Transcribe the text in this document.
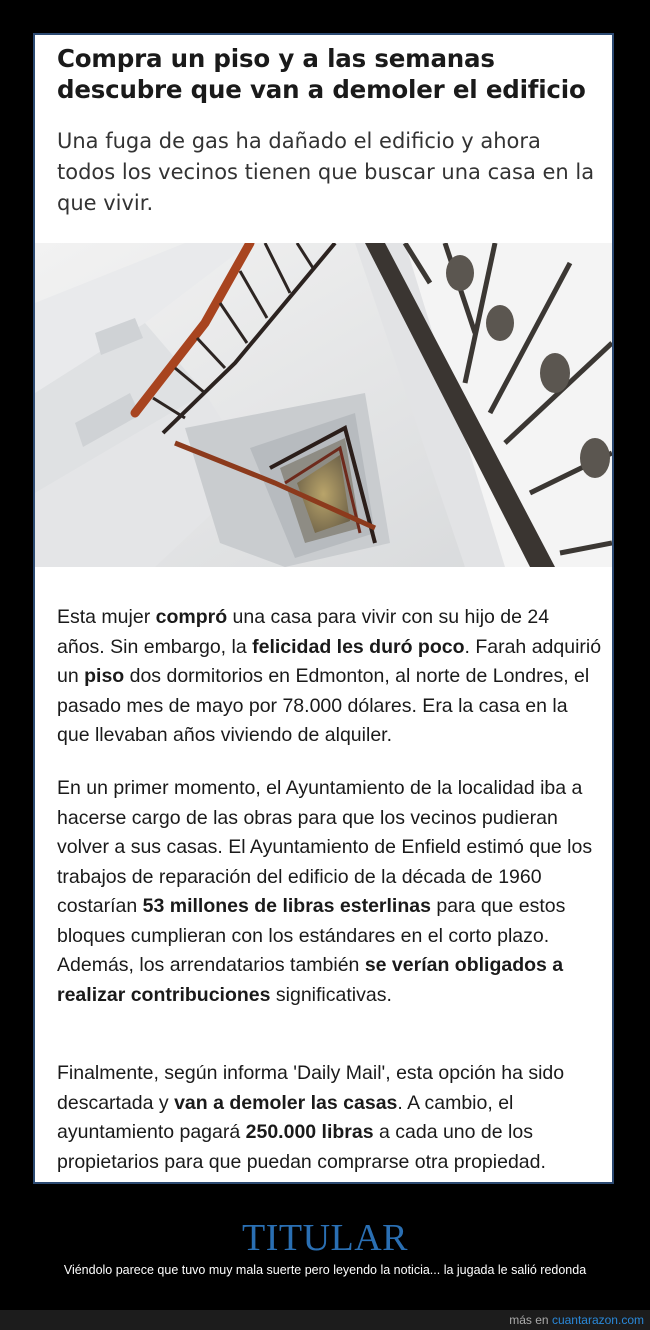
Compra un piso y a las semanas descubre que van a demoler el edificio

Una fuga de gas ha dañado el edificio y ahora todos los vecinos tienen que buscar una casa en la que vivir.

Esta mujer compró una casa para vivir con su hijo de 24 años. Sin embargo, la felicidad les duró poco. Farah adquirió un piso dos dormitorios en Edmonton, al norte de Londres, el pasado mes de mayo por 78.000 dólares. Era la casa en la que llevaban años viviendo de alquiler.

En un primer momento, el Ayuntamiento de la localidad iba a hacerse cargo de las obras para que los vecinos pudieran volver a sus casas. El Ayuntamiento de Enfield estimó que los trabajos de reparación del edificio de la década de 1960 costarían 53 millones de libras esterlinas para que estos bloques cumplieran con los estándares en el corto plazo. Además, los arrendatarios también se verían obligados a realizar contribuciones significativas.

Finalmente, según informa 'Daily Mail', esta opción ha sido descartada y van a demoler las casas. A cambio, el ayuntamiento pagará 250.000 libras a cada uno de los propietarios para que puedan comprarse otra propiedad.

TITULAR
Viéndolo parece que tuvo muy mala suerte pero leyendo la noticia... la jugada le salió redonda
más en cuantarazon.com
